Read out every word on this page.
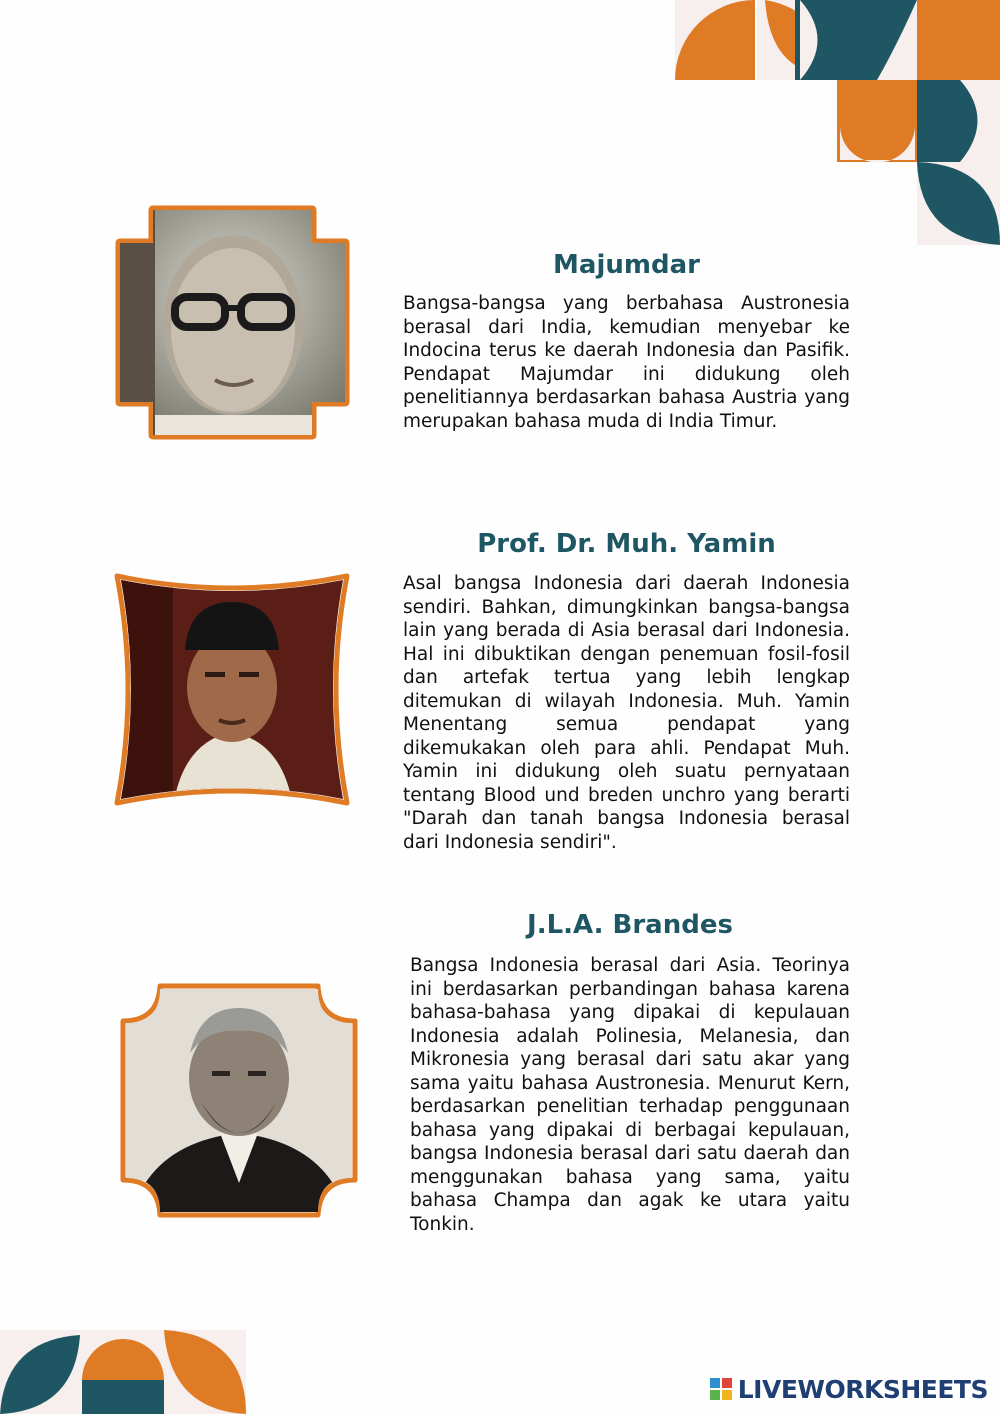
Majumdar
Bangsa-bangsa yang berbahasa Austronesia berasal dari India, kemudian menyebar ke Indocina terus ke daerah Indonesia dan Pasifik. Pendapat Majumdar ini didukung oleh penelitiannya berdasarkan bahasa Austria yang merupakan bahasa muda di India Timur.
Prof. Dr. Muh. Yamin
Asal bangsa Indonesia dari daerah Indonesia sendiri. Bahkan, dimungkinkan bangsa-bangsa lain yang berada di Asia berasal dari Indonesia. Hal ini dibuktikan dengan penemuan fosil-fosil dan artefak tertua yang lebih lengkap ditemukan di wilayah Indonesia. Muh. Yamin Menentang semua pendapat yang dikemukakan oleh para ahli. Pendapat Muh. Yamin ini didukung oleh suatu pernyataan tentang Blood und breden unchro yang berarti "Darah dan tanah bangsa Indonesia berasal dari Indonesia sendiri".
J.L.A. Brandes
Bangsa Indonesia berasal dari Asia. Teorinya ini berdasarkan perbandingan bahasa karena bahasa-bahasa yang dipakai di kepulauan Indonesia adalah Polinesia, Melanesia, dan Mikronesia yang berasal dari satu akar yang sama yaitu bahasa Austronesia. Menurut Kern, berdasarkan penelitian terhadap penggunaan bahasa yang dipakai di berbagai kepulauan, bangsa Indonesia berasal dari satu daerah dan menggunakan bahasa yang sama, yaitu bahasa Champa dan agak ke utara yaitu Tonkin.
LIVEWORKSHEETS
